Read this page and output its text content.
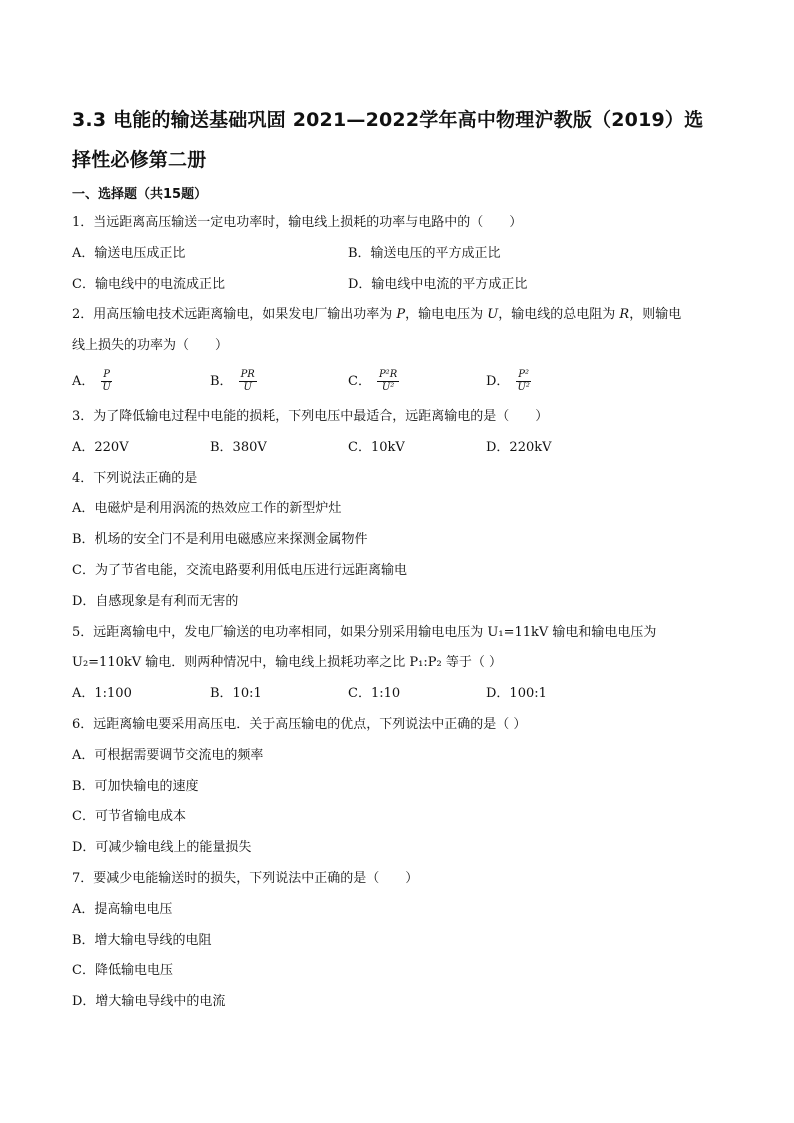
3.3 电能的输送基础巩固 2021—2022学年高中物理沪教版（2019）选
择性必修第二册
一、选择题（共15题）
1．当远距离高压输送一定电功率时，输电线上损耗的功率与电路中的（　　）
A．输送电压成正比	B．输送电压的平方成正比
C．输电线中的电流成正比	D．输电线中电流的平方成正比
2．用高压输电技术远距离输电，如果发电厂输出功率为 P，输电电压为 U，输电线的总电阻为 R，则输电
线上损失的功率为（　　）
A． $\frac{P}{U}$	B． $\frac{PR}{U}$	C． $\frac{\text{P²R}}{\text{U²}}$	D． $\frac{\text{P²}}{\text{U²}}$
3．为了降低输电过程中电能的损耗，下列电压中最适合，远距离输电的是（　　）
A．220V	B．380V	C．10kV	D．220kV
4．下列说法正确的是
A．电磁炉是利用涡流的热效应工作的新型炉灶
B．机场的安全门不是利用电磁感应来探测金属物件
C．为了节省电能，交流电路要利用低电压进行远距离输电
D．自感现象是有利而无害的
5．远距离输电中，发电厂输送的电功率相同，如果分别采用输电电压为 U₁=11kV 输电和输电电压为
U₂=110kV 输电．则两种情况中，输电线上损耗功率之比 P₁:P₂ 等于（ ）
A．1:100	B．10:1	C．1:10	D．100:1
6．远距离输电要采用高压电．关于高压输电的优点，下列说法中正确的是（ ）
A．可根据需要调节交流电的频率
B．可加快输电的速度
C．可节省输电成本
D．可减少输电线上的能量损失
7．要减少电能输送时的损失，下列说法中正确的是（　　）
A．提高输电电压
B．增大输电导线的电阻
C．降低输电电压
D．增大输电导线中的电流
